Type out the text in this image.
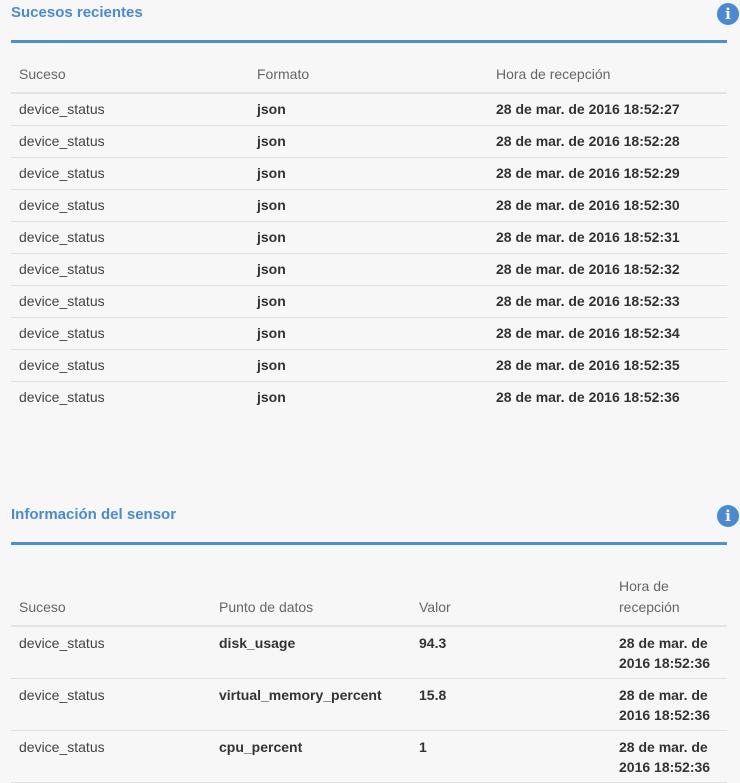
Sucesos recientes	i
Suceso	Formato	Hora de recepción
device_status	json	28 de mar. de 2016 18:52:27
device_status	json	28 de mar. de 2016 18:52:28
device_status	json	28 de mar. de 2016 18:52:29
device_status	json	28 de mar. de 2016 18:52:30
device_status	json	28 de mar. de 2016 18:52:31
device_status	json	28 de mar. de 2016 18:52:32
device_status	json	28 de mar. de 2016 18:52:33
device_status	json	28 de mar. de 2016 18:52:34
device_status	json	28 de mar. de 2016 18:52:35
device_status	json	28 de mar. de 2016 18:52:36
Información del sensor	i
Suceso	Punto de datos	Valor	Hora de recepción
device_status	disk_usage	94.3	28 de mar. de 2016 18:52:36
device_status	virtual_memory_percent	15.8	28 de mar. de 2016 18:52:36
device_status	cpu_percent	1	28 de mar. de 2016 18:52:36
